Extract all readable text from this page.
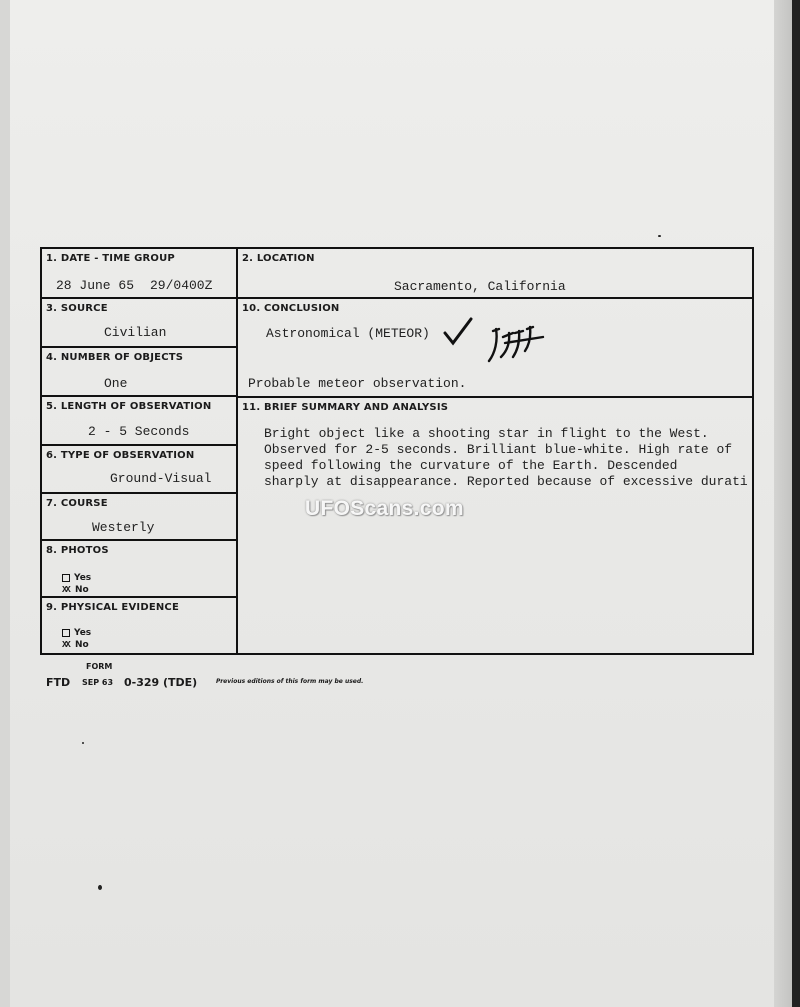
1. DATE - TIME GROUP
28 June 65 29/0400Z
3. SOURCE
Civilian
4. NUMBER OF OBJECTS
One
5. LENGTH OF OBSERVATION
2 - 5 Seconds
6. TYPE OF OBSERVATION
Ground-Visual
7. COURSE
Westerly
8. PHOTOS
Yes
XX No
9. PHYSICAL EVIDENCE
Yes
XX No
2. LOCATION
Sacramento, California
10. CONCLUSION
Astronomical (METEOR)
Probable meteor observation.
11. BRIEF SUMMARY AND ANALYSIS
Bright object like a shooting star in flight to the West.
Observed for 2-5 seconds. Brilliant blue-white. High rate of
speed following the curvature of the Earth. Descended
sharply at disappearance. Reported because of excessive durati
UFOScans.com
FORM
FTD SEP 63 0-329 (TDE)	Previous editions of this form may be used.
